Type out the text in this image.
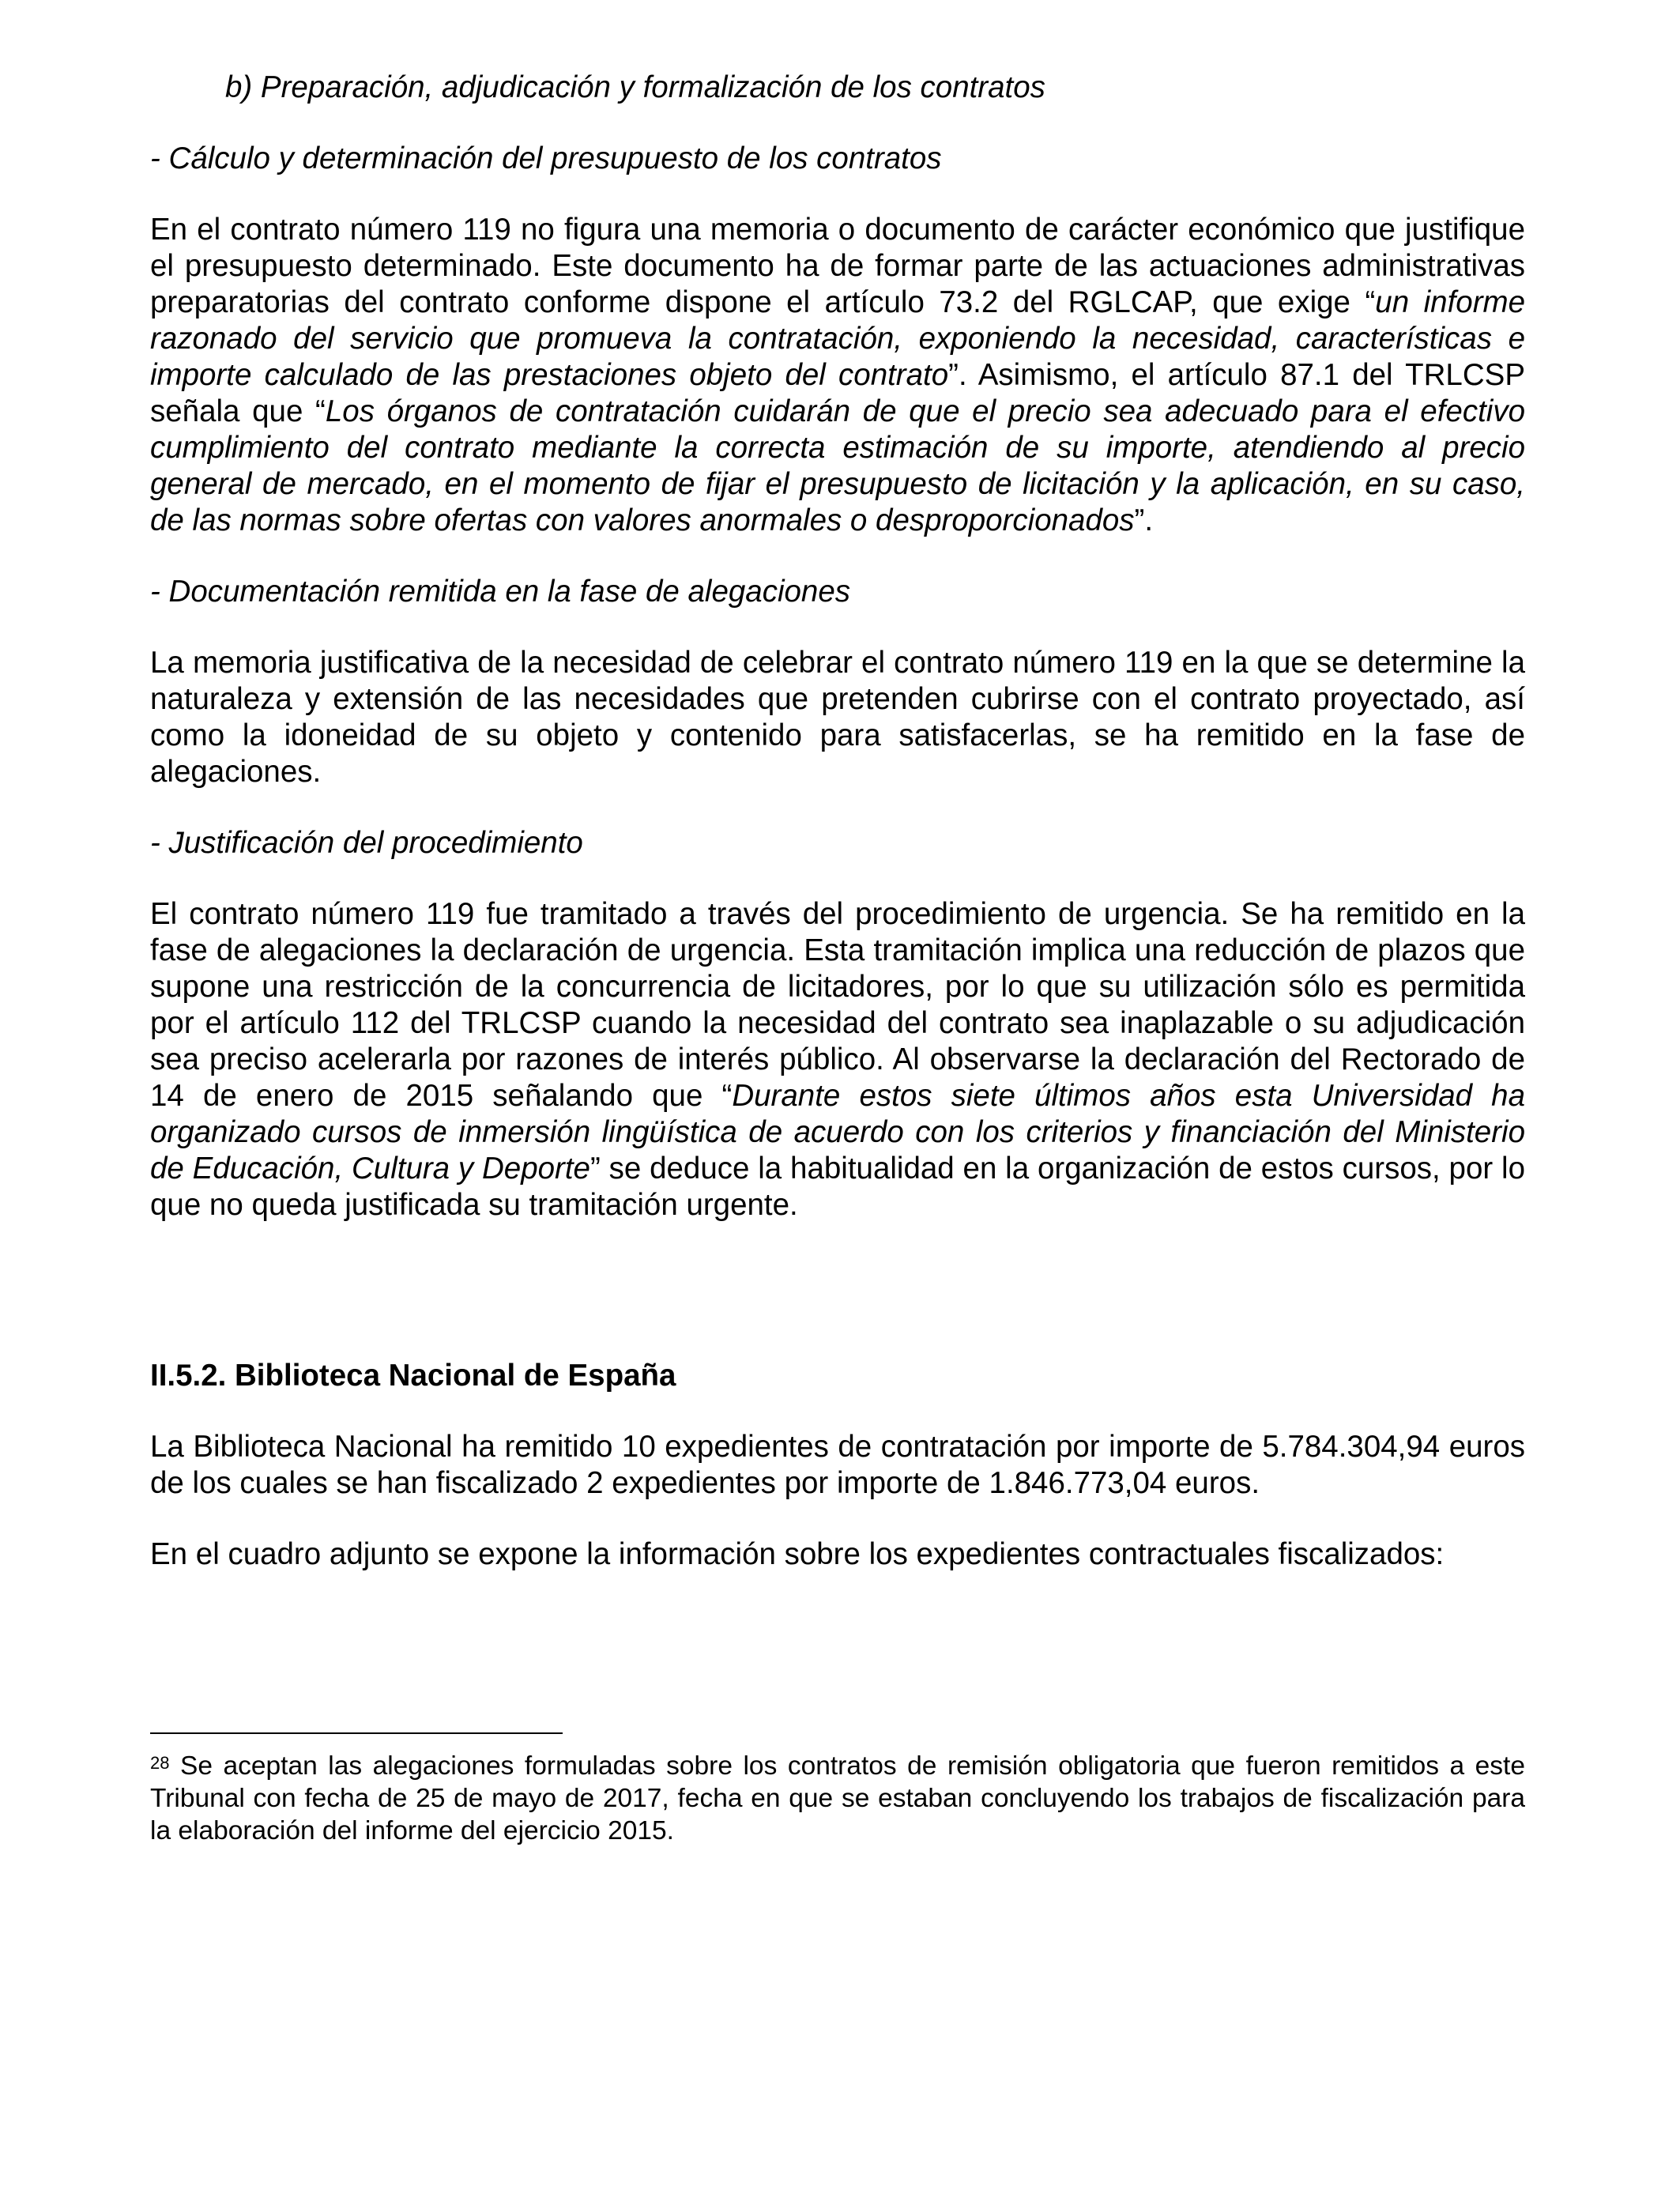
b) Preparación, adjudicación y formalización de los contratos

- Cálculo y determinación del presupuesto de los contratos

En el contrato número 119 no figura una memoria o documento de carácter económico que justifique el presupuesto determinado. Este documento ha de formar parte de las actuaciones administrativas preparatorias del contrato conforme dispone el artículo 73.2 del RGLCAP, que exige “un informe razonado del servicio que promueva la contratación, exponiendo la necesidad, características e importe calculado de las prestaciones objeto del contrato”. Asimismo, el artículo 87.1 del TRLCSP señala que “Los órganos de contratación cuidarán de que el precio sea adecuado para el efectivo cumplimiento del contrato mediante la correcta estimación de su importe, atendiendo al precio general de mercado, en el momento de fijar el presupuesto de licitación y la aplicación, en su caso, de las normas sobre ofertas con valores anormales o desproporcionados”.

- Documentación remitida en la fase de alegaciones

La memoria justificativa de la necesidad de celebrar el contrato número 119 en la que se determine la naturaleza y extensión de las necesidades que pretenden cubrirse con el contrato proyectado, así como la idoneidad de su objeto y contenido para satisfacerlas, se ha remitido en la fase de alegaciones.

- Justificación del procedimiento

El contrato número 119 fue tramitado a través del procedimiento de urgencia. Se ha remitido en la fase de alegaciones la declaración de urgencia. Esta tramitación implica una reducción de plazos que supone una restricción de la concurrencia de licitadores, por lo que su utilización sólo es permitida por el artículo 112 del TRLCSP cuando la necesidad del contrato sea inaplazable o su adjudicación sea preciso acelerarla por razones de interés público. Al observarse la declaración del Rectorado de 14 de enero de 2015 señalando que “Durante estos siete últimos años esta Universidad ha organizado cursos de inmersión lingüística de acuerdo con los criterios y financiación del Ministerio de Educación, Cultura y Deporte” se deduce la habitualidad en la organización de estos cursos, por lo que no queda justificada su tramitación urgente.

II.5.2. Biblioteca Nacional de España

La Biblioteca Nacional ha remitido 10 expedientes de contratación por importe de 5.784.304,94 euros de los cuales se han fiscalizado 2 expedientes por importe de 1.846.773,04 euros.

En el cuadro adjunto se expone la información sobre los expedientes contractuales fiscalizados:

$^{28}$ Se aceptan las alegaciones formuladas sobre los contratos de remisión obligatoria que fueron remitidos a este Tribunal con fecha de 25 de mayo de 2017, fecha en que se estaban concluyendo los trabajos de fiscalización para la elaboración del informe del ejercicio 2015.
